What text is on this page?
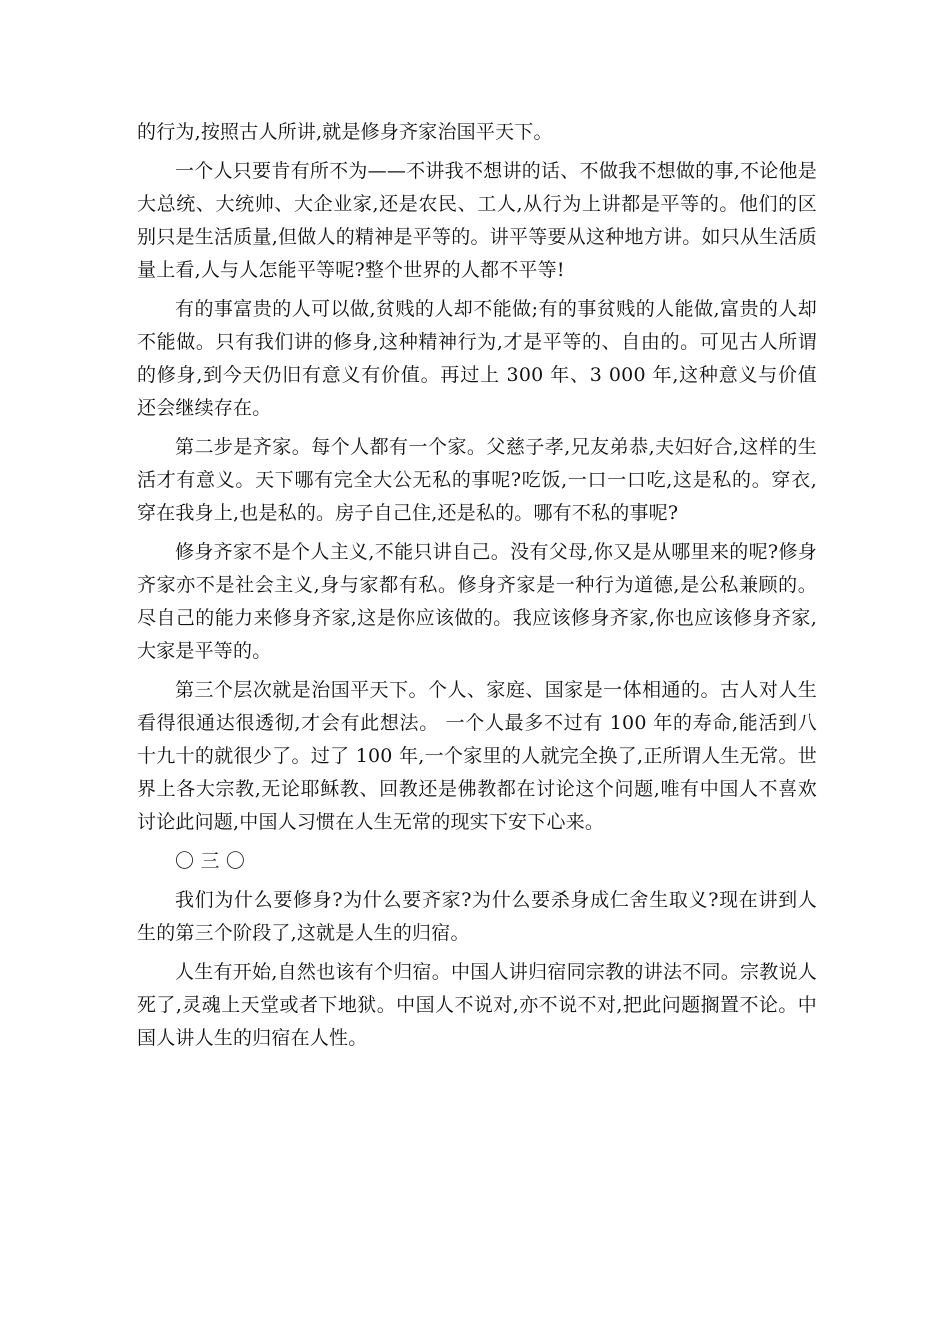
的行为,按照古人所讲,就是修身齐家治国平天下。

一个人只要肯有所不为——不讲我不想讲的话、不做我不想做的事,不论他是大总统、大统帅、大企业家,还是农民、工人,从行为上讲都是平等的。他们的区别只是生活质量,但做人的精神是平等的。讲平等要从这种地方讲。如只从生活质量上看,人与人怎能平等呢?整个世界的人都不平等!

有的事富贵的人可以做,贫贱的人却不能做;有的事贫贱的人能做,富贵的人却不能做。只有我们讲的修身,这种精神行为,才是平等的、自由的。可见古人所谓的修身,到今天仍旧有意义有价值。再过上 300 年、3 000 年,这种意义与价值还会继续存在。

第二步是齐家。每个人都有一个家。父慈子孝,兄友弟恭,夫妇好合,这样的生活才有意义。天下哪有完全大公无私的事呢?吃饭,一口一口吃,这是私的。穿衣,穿在我身上,也是私的。房子自己住,还是私的。哪有不私的事呢?

修身齐家不是个人主义,不能只讲自己。没有父母,你又是从哪里来的呢?修身齐家亦不是社会主义,身与家都有私。修身齐家是一种行为道德,是公私兼顾的。尽自己的能力来修身齐家,这是你应该做的。我应该修身齐家,你也应该修身齐家,大家是平等的。

第三个层次就是治国平天下。个人、家庭、国家是一体相通的。古人对人生看得很通达很透彻,才会有此想法。 一个人最多不过有 100 年的寿命,能活到八十九十的就很少了。过了 100 年,一个家里的人就完全换了,正所谓人生无常。世界上各大宗教,无论耶稣教、回教还是佛教都在讨论这个问题,唯有中国人不喜欢讨论此问题,中国人习惯在人生无常的现实下安下心来。

〇 三 〇

我们为什么要修身?为什么要齐家?为什么要杀身成仁舍生取义?现在讲到人生的第三个阶段了,这就是人生的归宿。

人生有开始,自然也该有个归宿。中国人讲归宿同宗教的讲法不同。宗教说人死了,灵魂上天堂或者下地狱。中国人不说对,亦不说不对,把此问题搁置不论。中国人讲人生的归宿在人性。
